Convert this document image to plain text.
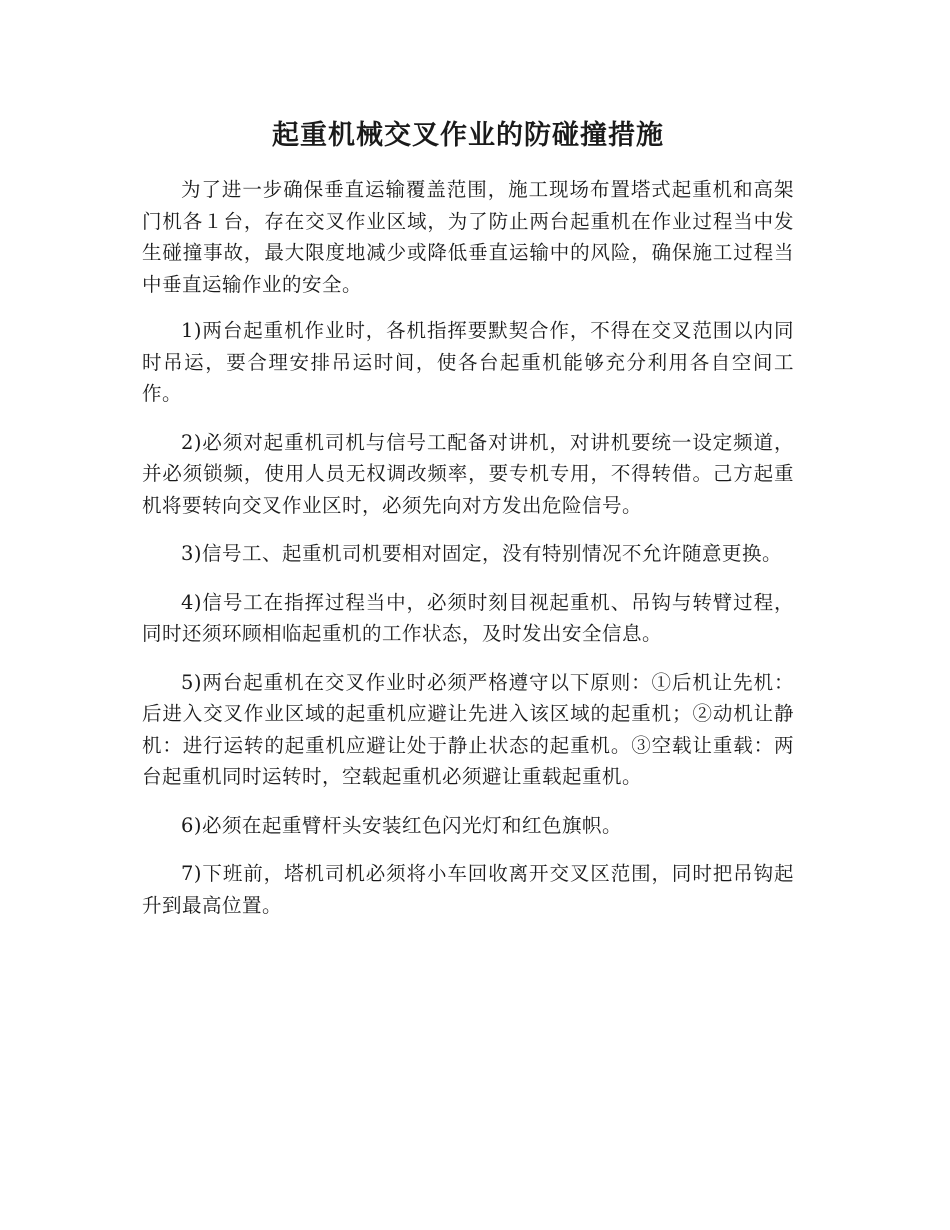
起重机械交叉作业的防碰撞措施

为了进一步确保垂直运输覆盖范围，施工现场布置塔式起重机和高架门机各１台，存在交叉作业区域，为了防止两台起重机在作业过程当中发生碰撞事故，最大限度地减少或降低垂直运输中的风险，确保施工过程当中垂直运输作业的安全。

1)两台起重机作业时，各机指挥要默契合作，不得在交叉范围以内同时吊运，要合理安排吊运时间，使各台起重机能够充分利用各自空间工作。

2)必须对起重机司机与信号工配备对讲机，对讲机要统一设定频道，并必须锁频，使用人员无权调改频率，要专机专用，不得转借。己方起重机将要转向交叉作业区时，必须先向对方发出危险信号。

3)信号工、起重机司机要相对固定，没有特别情况不允许随意更换。

4)信号工在指挥过程当中，必须时刻目视起重机、吊钩与转臂过程，同时还须环顾相临起重机的工作状态，及时发出安全信息。

5)两台起重机在交叉作业时必须严格遵守以下原则：①后机让先机：后进入交叉作业区域的起重机应避让先进入该区域的起重机；②动机让静机：进行运转的起重机应避让处于静止状态的起重机。③空载让重载：两台起重机同时运转时，空载起重机必须避让重载起重机。

6)必须在起重臂杆头安装红色闪光灯和红色旗帜。

7)下班前，塔机司机必须将小车回收离开交叉区范围，同时把吊钩起升到最高位置。
